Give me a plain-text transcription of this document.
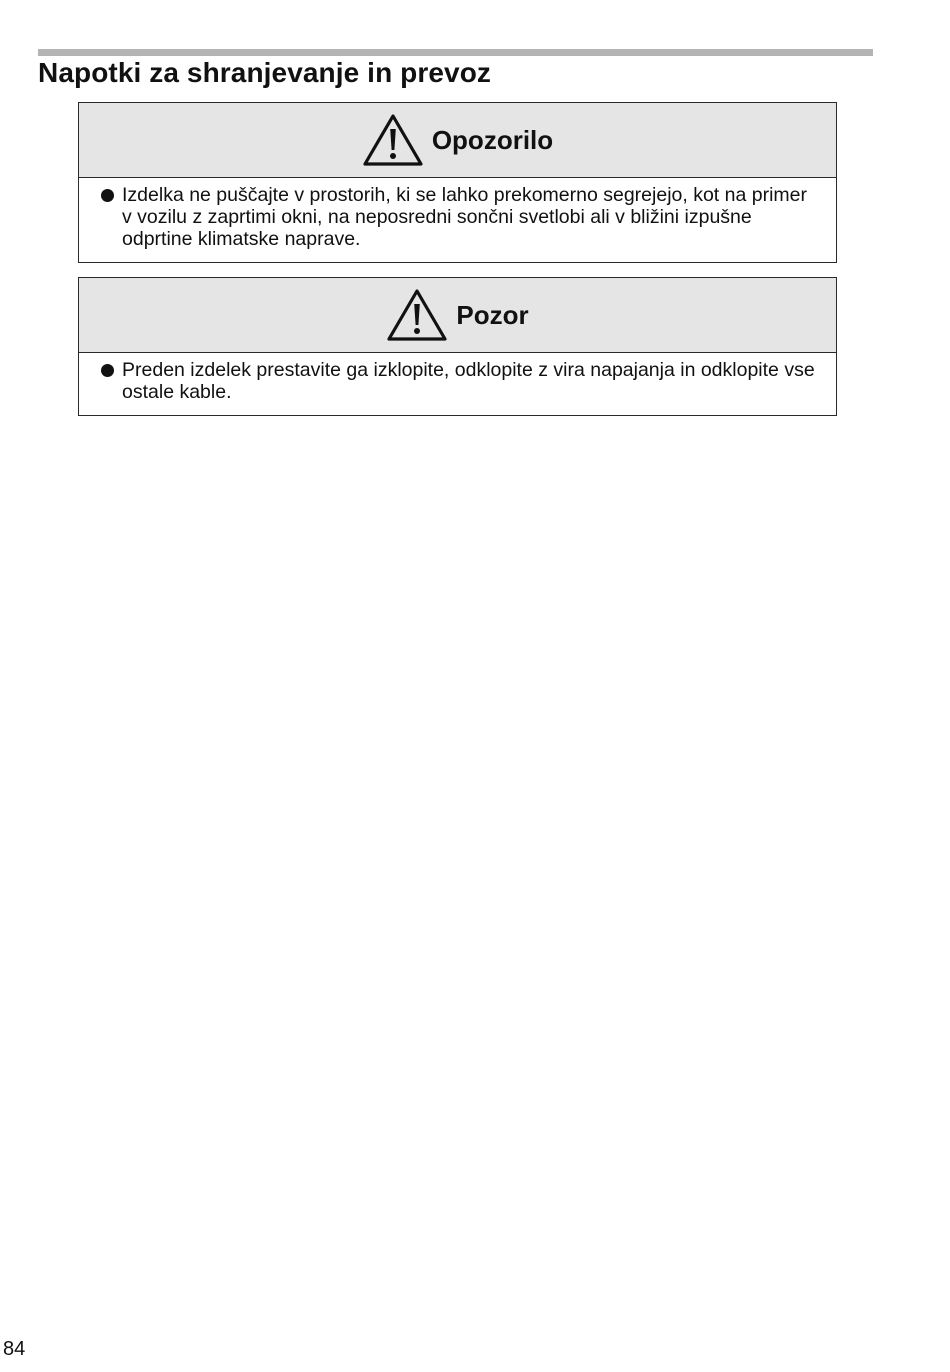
Napotki za shranjevanje in prevoz
Opozorilo
Izdelka ne puščajte v prostorih, ki se lahko prekomerno segrejejo, kot na primer v vozilu z zaprtimi okni, na neposredni sončni svetlobi ali v bližini izpušne odprtine klimatske naprave.
Pozor
Preden izdelek prestavite ga izklopite, odklopite z vira napajanja in odklopite vse ostale kable.
84
